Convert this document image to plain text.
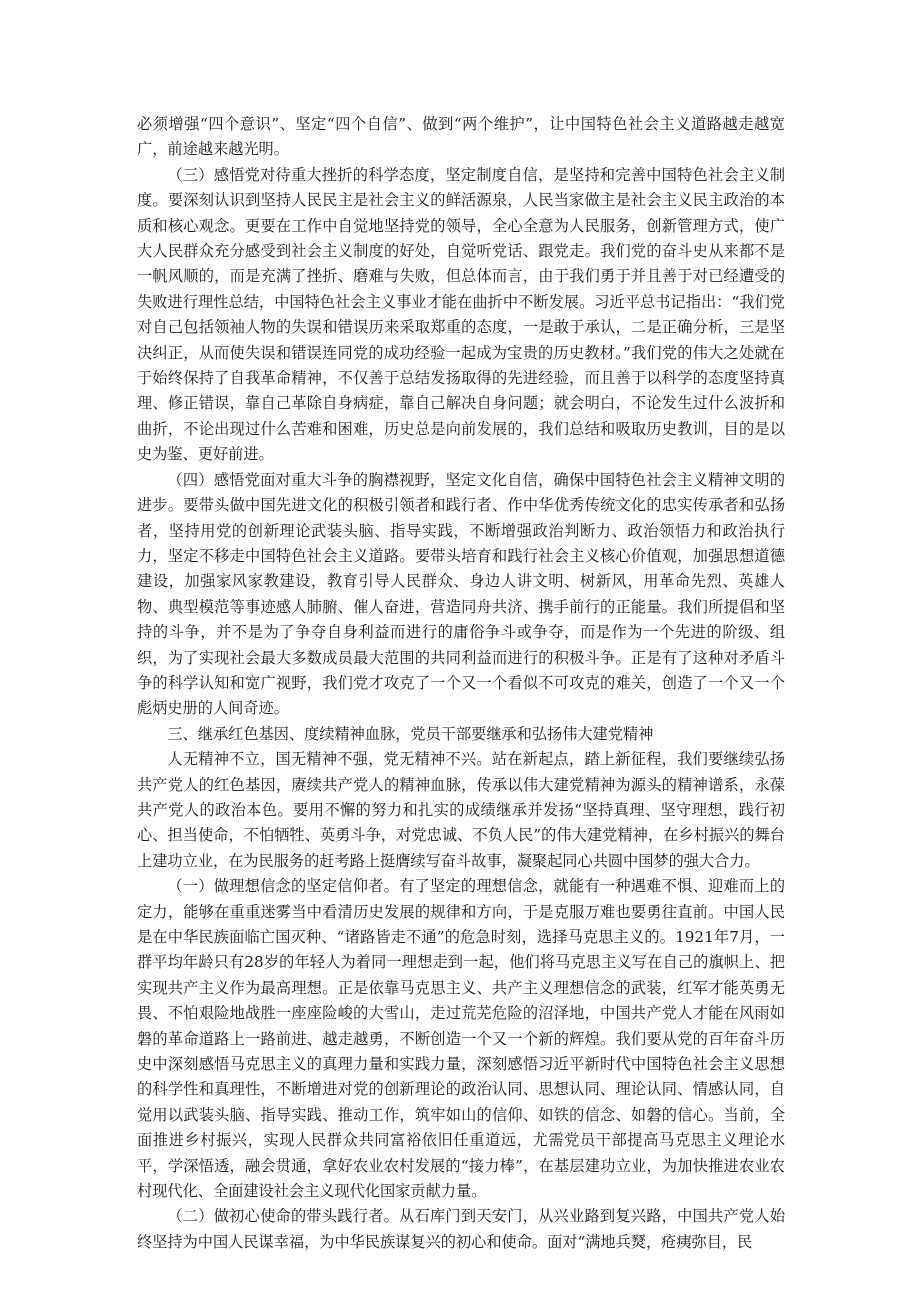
必须增强“四个意识”、坚定“四个自信”、做到“两个维护”，让中国特色社会主义道路越走越宽广，前途越来越光明。

（三）感悟党对待重大挫折的科学态度，坚定制度自信，是坚持和完善中国特色社会主义制度。要深刻认识到坚持人民民主是社会主义的鲜活源泉，人民当家做主是社会主义民主政治的本质和核心观念。更要在工作中自觉地坚持党的领导，全心全意为人民服务，创新管理方式，使广大人民群众充分感受到社会主义制度的好处，自觉听党话、跟党走。我们党的奋斗史从来都不是一帆风顺的，而是充满了挫折、磨难与失败，但总体而言，由于我们勇于并且善于对已经遭受的失败进行理性总结，中国特色社会主义事业才能在曲折中不断发展。习近平总书记指出：“我们党对自己包括领袖人物的失误和错误历来采取郑重的态度，一是敢于承认，二是正确分析，三是坚决纠正，从而使失误和错误连同党的成功经验一起成为宝贵的历史教材。”我们党的伟大之处就在于始终保持了自我革命精神，不仅善于总结发扬取得的先进经验，而且善于以科学的态度坚持真理、修正错误，靠自己革除自身病症，靠自己解决自身问题；就会明白，不论发生过什么波折和曲折，不论出现过什么苦难和困难，历史总是向前发展的，我们总结和吸取历史教训，目的是以史为鉴、更好前进。

（四）感悟党面对重大斗争的胸襟视野，坚定文化自信，确保中国特色社会主义精神文明的进步。要带头做中国先进文化的积极引领者和践行者、作中华优秀传统文化的忠实传承者和弘扬者，坚持用党的创新理论武装头脑、指导实践，不断增强政治判断力、政治领悟力和政治执行力，坚定不移走中国特色社会主义道路。要带头培育和践行社会主义核心价值观，加强思想道德建设，加强家风家教建设，教育引导人民群众、身边人讲文明、树新风，用革命先烈、英雄人物、典型模范等事迹感人肺腑、催人奋进，营造同舟共济、携手前行的正能量。我们所提倡和坚持的斗争，并不是为了争夺自身利益而进行的庸俗争斗或争夺，而是作为一个先进的阶级、组织，为了实现社会最大多数成员最大范围的共同利益而进行的积极斗争。正是有了这种对矛盾斗争的科学认知和宽广视野，我们党才攻克了一个又一个看似不可攻克的难关，创造了一个又一个彪炳史册的人间奇迹。

三、继承红色基因、度续精神血脉，党员干部要继承和弘扬伟大建党精神

人无精神不立，国无精神不强，党无精神不兴。站在新起点，踏上新征程，我们要继续弘扬共产党人的红色基因，赓续共产党人的精神血脉，传承以伟大建党精神为源头的精神谱系，永葆共产党人的政治本色。要用不懈的努力和扎实的成绩继承并发扬“坚持真理、坚守理想，践行初心、担当使命，不怕牺牲、英勇斗争，对党忠诚、不负人民”的伟大建党精神，在乡村振兴的舞台上建功立业，在为民服务的赶考路上挺膺续写奋斗故事，凝聚起同心共圆中国梦的强大合力。

（一）做理想信念的坚定信仰者。有了坚定的理想信念，就能有一种遇难不惧、迎难而上的定力，能够在重重迷雾当中看清历史发展的规律和方向，于是克服万难也要勇往直前。中国人民是在中华民族面临亡国灭种、“诸路皆走不通”的危急时刻，选择马克思主义的。1921年7月，一群平均年龄只有28岁的年轻人为着同一理想走到一起，他们将马克思主义写在自己的旗帜上、把实现共产主义作为最高理想。正是依靠马克思主义、共产主义理想信念的武装，红军才能英勇无畏、不怕艰险地战胜一座座险峻的大雪山，走过荒芜危险的沼泽地，中国共产党人才能在风雨如磐的革命道路上一路前进、越走越勇，不断创造一个又一个新的辉煌。我们要从党的百年奋斗历史中深刻感悟马克思主义的真理力量和实践力量，深刻感悟习近平新时代中国特色社会主义思想的科学性和真理性，不断增进对党的创新理论的政治认同、思想认同、理论认同、情感认同，自觉用以武装头脑、指导实践、推动工作，筑牢如山的信仰、如铁的信念、如磐的信心。当前，全面推进乡村振兴，实现人民群众共同富裕依旧任重道远，尤需党员干部提高马克思主义理论水平，学深悟透，融会贯通，拿好农业农村发展的“接力棒”，在基层建功立业，为加快推进农业农村现代化、全面建设社会主义现代化国家贡献力量。

（二）做初心使命的带头践行者。从石库门到天安门，从兴业路到复兴路，中国共产党人始终坚持为中国人民谋幸福，为中华民族谋复兴的初心和使命。面对“满地兵燹，疮痍弥目，民
